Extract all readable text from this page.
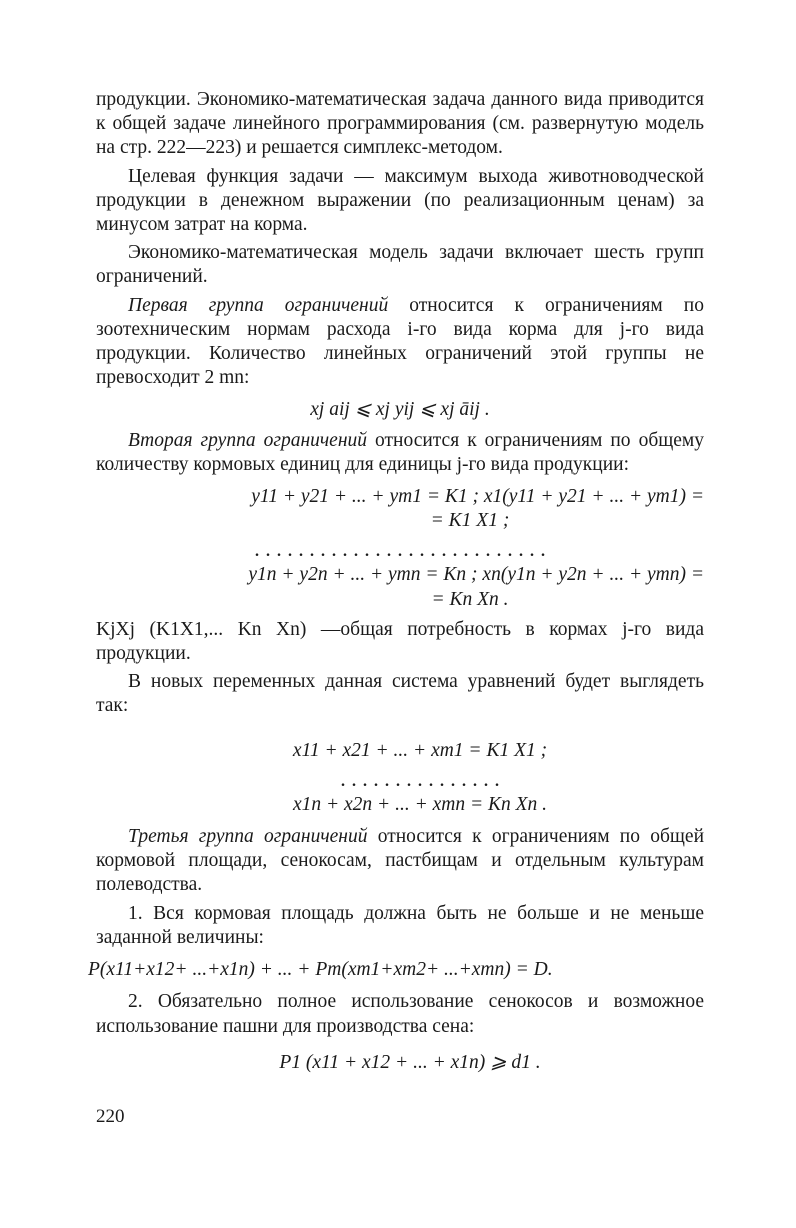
продукции. Экономико-математическая задача данного вида приводится к общей задаче линейного программирования (см. развернутую модель на стр. 222—223) и решается симплекс-методом.

Целевая функция задачи — максимум выхода животноводческой продукции в денежном выражении (по реализационным ценам) за минусом затрат на корма.

Экономико-математическая модель задачи включает шесть групп ограничений.

Первая группа ограничений относится к ограничениям по зоотехническим нормам расхода i-го вида корма для j-го вида продукции. Количество линейных ограничений этой группы не превосходит 2 mn:

xj aij ⩽ xj yij ⩽ xj āij .

Вторая группа ограничений относится к ограничениям по общему количеству кормовых единиц для единицы j-го вида продукции:

y11 + y21 + ... + ym1 = K1 ; x1(y11 + y21 + ... + ym1) =

= K1 X1 ;

. . . . . . . . . . . . . . . . . . . . . . . . . . .

y1n + y2n + ... + ymn = Kn ; xn(y1n + y2n + ... + ymn) =

= Kn Xn .

KjXj (K1X1,... Kn Xn) —общая потребность в кормах j-го вида продукции.

В новых переменных данная система уравнений будет выглядеть так:

x11 + x21 + ... + xm1 = K1 X1 ;

. . . . . . . . . . . . . . .

x1n + x2n + ... + xmn = Kn Xn .

Третья группа ограничений относится к ограничениям по общей кормовой площади, сенокосам, пастбищам и отдельным культурам полеводства.

1. Вся кормовая площадь должна быть не больше и не меньше заданной величины:

P(x11+x12+ ...+x1n) + ... + Pm(xm1+xm2+ ...+xmn) = D.

2. Обязательно полное использование сенокосов и возможное использование пашни для производства сена:

P1 (x11 + x12 + ... + x1n) ⩾ d1 .

220
